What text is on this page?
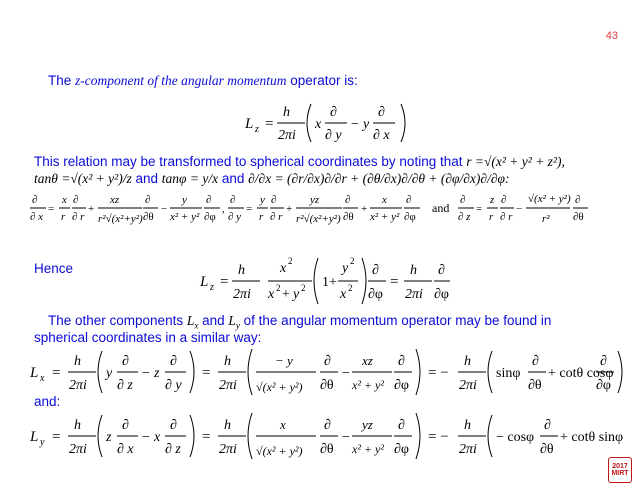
43
The z-component of the angular momentum operator is:
L z =
h
2πi
x
∂
∂ y
− y
∂
∂ x
This relation may be transformed to spherical coordinates by noting that r =√(x² + y² + z²),
tanθ =√(x² + y²)/z and tanφ = y/x and ∂/∂x = (∂r/∂x)∂/∂r + (∂θ/∂x)∂/∂θ + (∂φ/∂x)∂/∂φ:
∂
∂ x
=
x
r
∂
∂ r
+
xz
r²√(x²+y²)
∂
∂θ
−
y
x² + y²
∂
∂φ
,
∂
∂ y
=
y
r
∂
∂ r
+
yz
r²√(x²+y²)
∂
∂θ
+
x
x² + y²
∂
∂φ
and
∂
∂ z
=
z
r
∂
∂ r
−
√(x² + y²)
r²
∂
∂θ
Hence
L z =
h
2πi
x 2
x 2 + y 2 1+
y 2
x 2
∂
∂φ
=
h
2πi
∂
∂φ
The other components $L_x$ and $L_y$ of the angular momentum operator may be found in
spherical coordinates in a similar way:
L x =
h
2πi
y
∂
∂ z
− z
∂
∂ y
=
h
2πi
− y
√(x² + y²)
∂
∂θ
−
xz
x² + y²
∂
∂φ
= −
h
2πi
sinφ
∂
∂θ
+ cotθ cosφ
∂
∂φ
and:
L y =
h
2πi
z
∂
∂ x
− x
∂
∂ z
=
h
2πi
x
√(x² + y²)
∂
∂θ
−
yz
x² + y²
∂
∂φ
= −
h
2πi
− cosφ
∂
∂θ
+ cotθ sinφ
2017
MIRT
